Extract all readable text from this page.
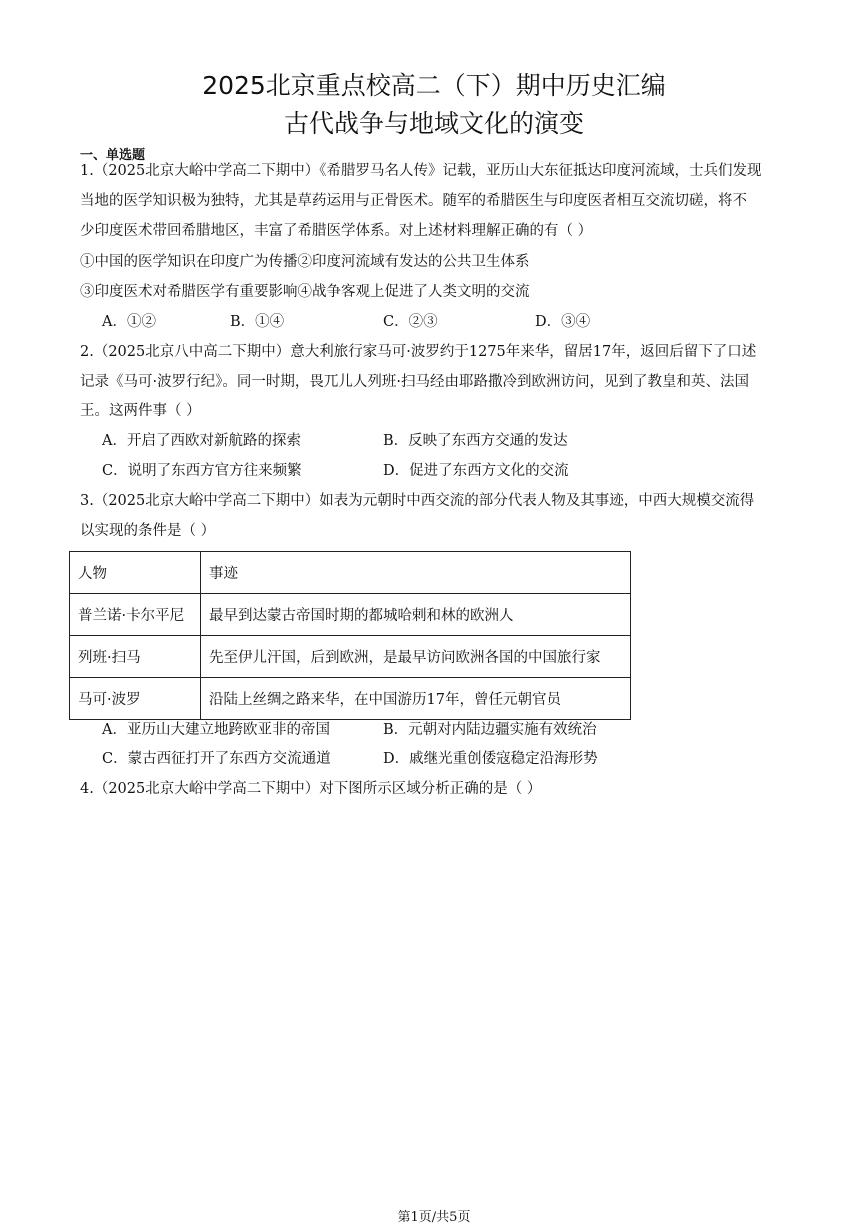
2025北京重点校高二（下）期中历史汇编
古代战争与地域文化的演变
一、单选题
1.（2025北京大峪中学高二下期中）《希腊罗马名人传》记载，亚历山大东征抵达印度河流域，士兵们发现
当地的医学知识极为独特，尤其是草药运用与正骨医术。随军的希腊医生与印度医者相互交流切磋，将不
少印度医术带回希腊地区，丰富了希腊医学体系。对上述材料理解正确的有（ ）
①中国的医学知识在印度广为传播②印度河流域有发达的公共卫生体系
③印度医术对希腊医学有重要影响④战争客观上促进了人类文明的交流
A．①②	B．①④	C．②③	D．③④
2.（2025北京八中高二下期中）意大利旅行家马可·波罗约于1275年来华，留居17年，返回后留下了口述
记录《马可·波罗行纪》。同一时期，畏兀儿人列班·扫马经由耶路撒冷到欧洲访问，见到了教皇和英、法国
王。这两件事（ ）
A．开启了西欧对新航路的探索	B．反映了东西方交通的发达
C．说明了东西方官方往来频繁	D．促进了东西方文化的交流
3.（2025北京大峪中学高二下期中）如表为元朝时中西交流的部分代表人物及其事迹，中西大规模交流得
以实现的条件是（ ）
人物	事迹
普兰诺·卡尔平尼	最早到达蒙古帝国时期的都城哈剌和林的欧洲人
列班·扫马	先至伊儿汗国，后到欧洲，是最早访问欧洲各国的中国旅行家
马可·波罗	沿陆上丝绸之路来华，在中国游历17年，曾任元朝官员
A．亚历山大建立地跨欧亚非的帝国	B．元朝对内陆边疆实施有效统治
C．蒙古西征打开了东西方交流通道	D．戚继光重创倭寇稳定沿海形势
4.（2025北京大峪中学高二下期中）对下图所示区域分析正确的是（ ）
第1页/共5页
